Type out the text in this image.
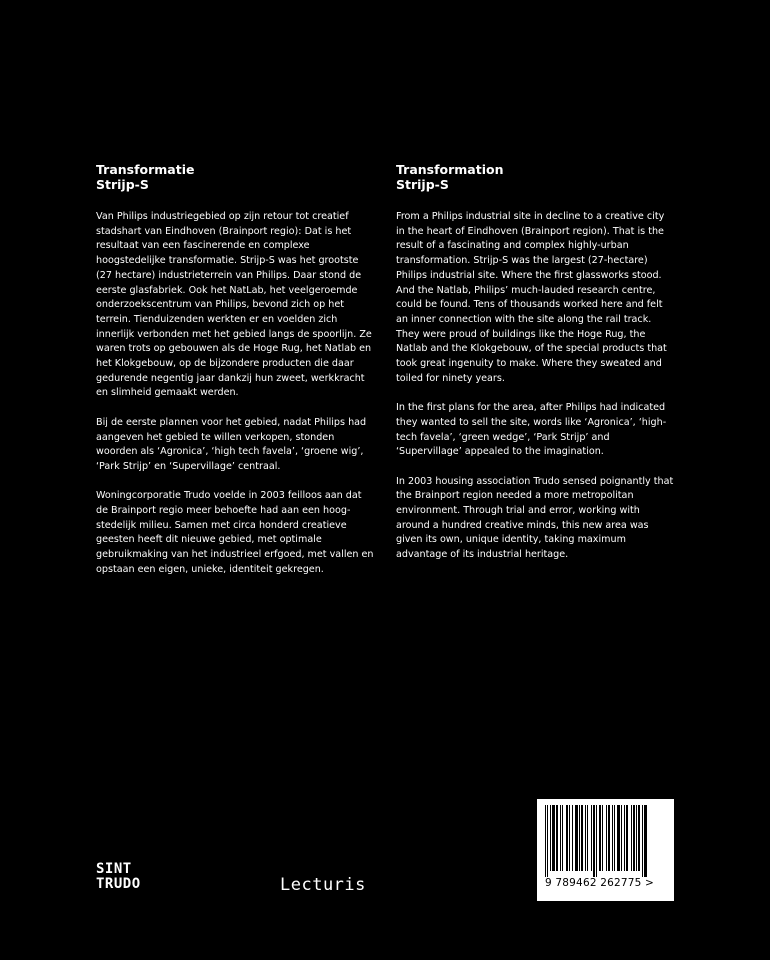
Transformatie
Strijp-S

Van Philips industriegebied op zijn retour tot creatief stadshart van Eindhoven (Brainport regio): Dat is het resultaat van een fascinerende en complexe hoogstedelijke transformatie. Strijp-S was het grootste (27 hectare) industrieterrein van Philips. Daar stond de eerste glasfabriek. Ook het NatLab, het veelgeroemde onderzoekscentrum van Philips, bevond zich op het terrein. Tienduizenden werkten er en voelden zich innerlijk verbonden met het gebied langs de spoorlijn. Ze waren trots op gebouwen als de Hoge Rug, het Natlab en het Klokgebouw, op de bijzondere producten die daar gedurende negentig jaar dankzij hun zweet, werkkracht en slimheid gemaakt werden.

Bij de eerste plannen voor het gebied, nadat Philips had aangeven het gebied te willen verkopen, stonden woorden als ‘Agronica’, ‘high tech favela’, ‘groene wig’, ‘Park Strijp’ en ‘Supervillage’ centraal.

Woningcorporatie Trudo voelde in 2003 feilloos aan dat de Brainport regio meer behoefte had aan een hoog-stedelijk milieu. Samen met circa honderd creatieve geesten heeft dit nieuwe gebied, met optimale gebruikmaking van het industrieel erfgoed, met vallen en opstaan een eigen, unieke, identiteit gekregen.

Transformation
Strijp-S

From a Philips industrial site in decline to a creative city in the heart of Eindhoven (Brainport region). That is the result of a fascinating and complex highly-urban transformation. Strijp-S was the largest (27-hectare) Philips industrial site. Where the first glassworks stood. And the Natlab, Philips’ much-lauded research centre, could be found. Tens of thousands worked here and felt an inner connection with the site along the rail track. They were proud of buildings like the Hoge Rug, the Natlab and the Klokgebouw, of the special products that took great ingenuity to make. Where they sweated and toiled for ninety years.

In the first plans for the area, after Philips had indicated they wanted to sell the site, words like ‘Agronica’, ‘high-tech favela’, ‘green wedge’, ‘Park Strijp’ and ‘Supervillage’ appealed to the imagination.

In 2003 housing association Trudo sensed poignantly that the Brainport region needed a more metropolitan environment. Through trial and error, working with around a hundred creative minds, this new area was given its own, unique identity, taking maximum advantage of its industrial heritage.

SINT
TRUDO	Lecturis	9 789462 262775 >
